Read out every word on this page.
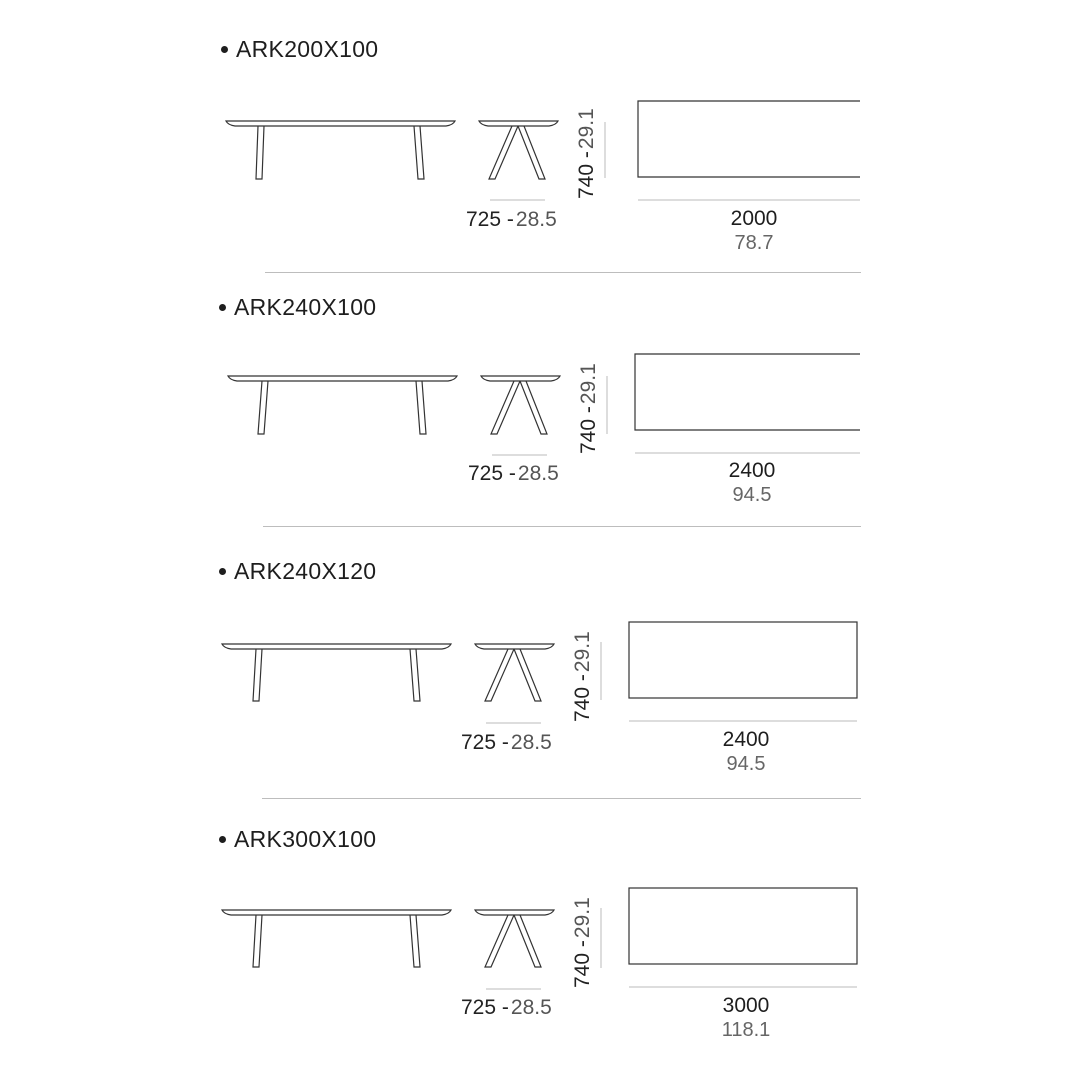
ARK200X100
725 -28.5
740 -29.1
2000
78.7
ARK240X100
725 -28.5
740 -29.1
2400
94.5
ARK240X120
725 -28.5
740 -29.1
2400
94.5
ARK300X100
725 -28.5
740 -29.1
3000
118.1
